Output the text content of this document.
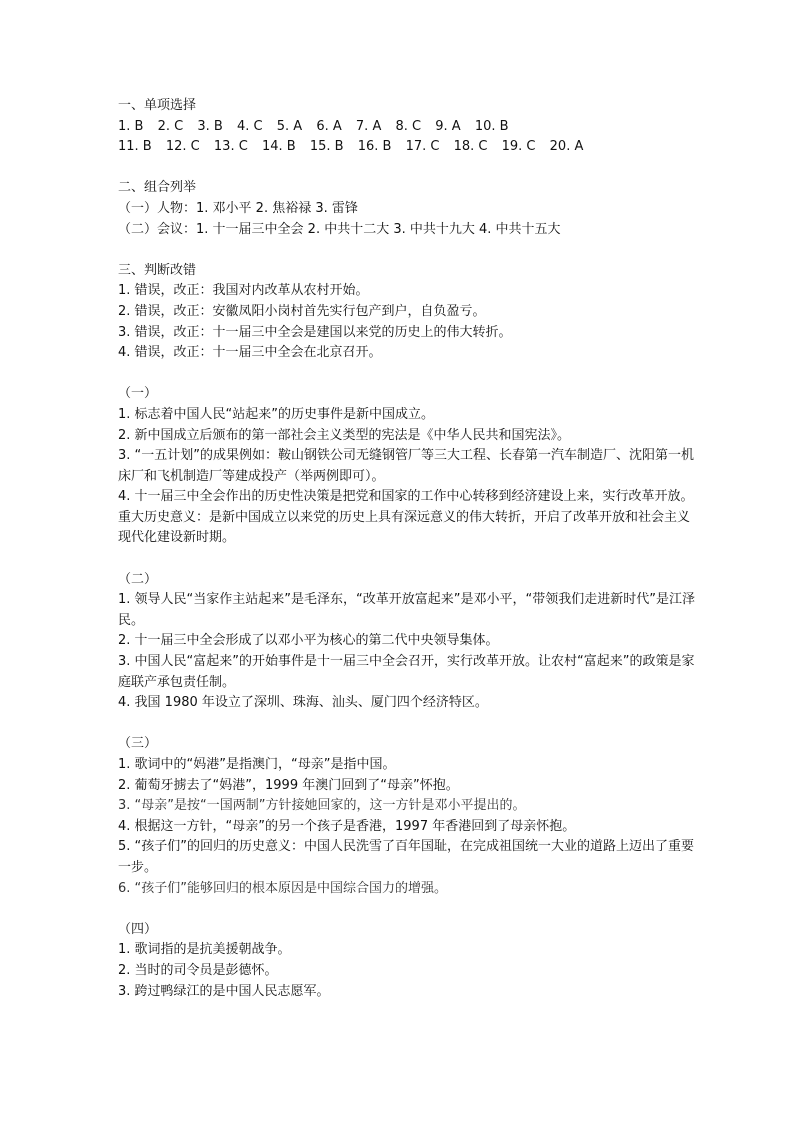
一、单项选择
1. B 2. C 3. B 4. C 5. A 6. A 7. A 8. C 9. A 10. B
11. B 12. C 13. C 14. B 15. B 16. B 17. C 18. C 19. C 20. A
二、组合列举
（一）人物：1. 邓小平 2. 焦裕禄 3. 雷锋
（二）会议：1. 十一届三中全会 2. 中共十二大 3. 中共十九大 4. 中共十五大
三、判断改错
1. 错误，改正：我国对内改革从农村开始。
2. 错误，改正：安徽凤阳小岗村首先实行包产到户，自负盈亏。
3. 错误，改正：十一届三中全会是建国以来党的历史上的伟大转折。
4. 错误，改正：十一届三中全会在北京召开。
（一）
1. 标志着中国人民“站起来”的历史事件是新中国成立。
2. 新中国成立后颁布的第一部社会主义类型的宪法是《中华人民共和国宪法》。
3. “一五计划”的成果例如：鞍山钢铁公司无缝钢管厂等三大工程、长春第一汽车制造厂、沈阳第一机床厂和飞机制造厂等建成投产（举两例即可）。
4. 十一届三中全会作出的历史性决策是把党和国家的工作中心转移到经济建设上来，实行改革开放。重大历史意义：是新中国成立以来党的历史上具有深远意义的伟大转折，开启了改革开放和社会主义现代化建设新时期。
（二）
1. 领导人民“当家作主站起来”是毛泽东，“改革开放富起来”是邓小平，“带领我们走进新时代”是江泽民。
2. 十一届三中全会形成了以邓小平为核心的第二代中央领导集体。
3. 中国人民“富起来”的开始事件是十一届三中全会召开，实行改革开放。让农村“富起来”的政策是家庭联产承包责任制。
4. 我国 1980 年设立了深圳、珠海、汕头、厦门四个经济特区。
（三）
1. 歌词中的“妈港”是指澳门，“母亲”是指中国。
2. 葡萄牙掳去了“妈港”，1999 年澳门回到了“母亲”怀抱。
3. “母亲”是按“一国两制”方针接她回家的，这一方针是邓小平提出的。
4. 根据这一方针，“母亲”的另一个孩子是香港，1997 年香港回到了母亲怀抱。
5. “孩子们”的回归的历史意义：中国人民洗雪了百年国耻，在完成祖国统一大业的道路上迈出了重要一步。
6. “孩子们”能够回归的根本原因是中国综合国力的增强。
（四）
1. 歌词指的是抗美援朝战争。
2. 当时的司令员是彭德怀。
3. 跨过鸭绿江的是中国人民志愿军。
